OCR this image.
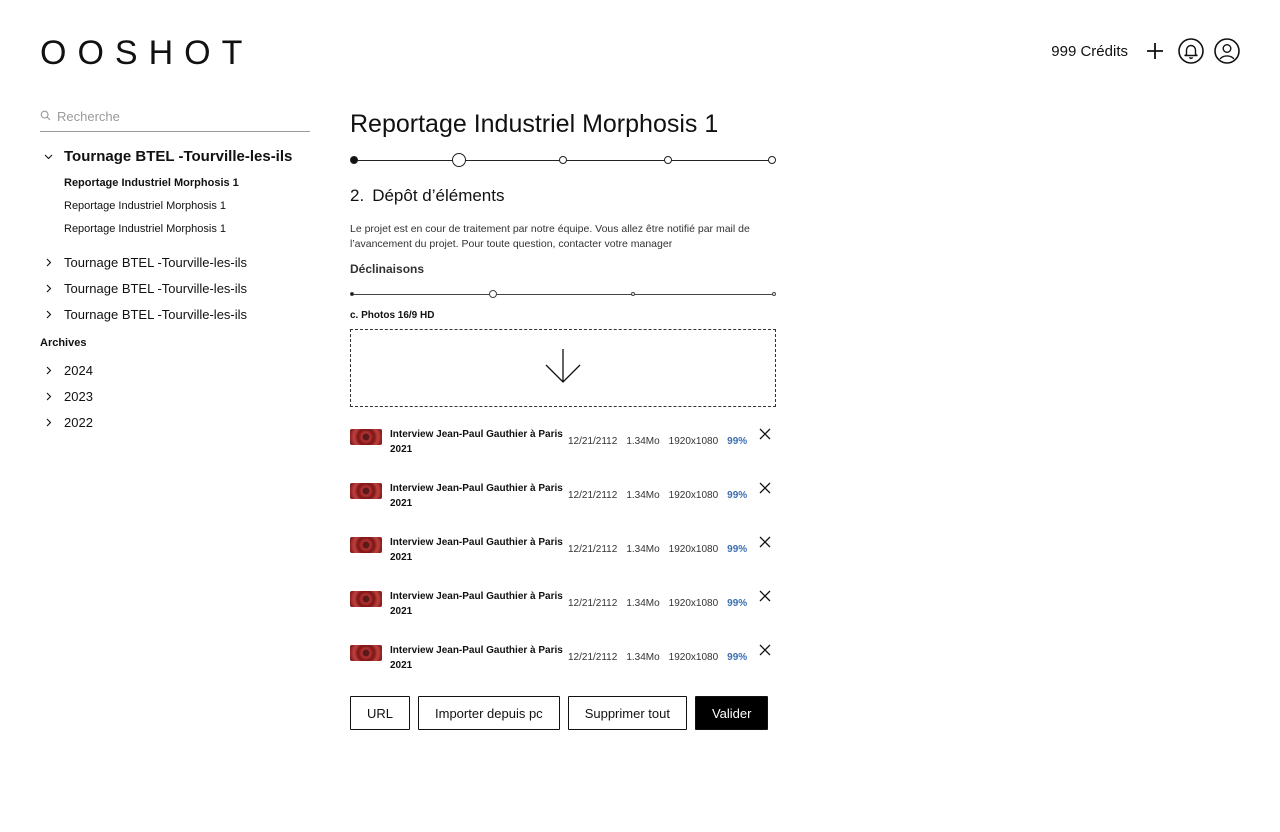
OOSHOT	999 Crédits
Recherche
Tournage BTEL -Tourville-les-ils
Reportage Industriel Morphosis 1
Reportage Industriel Morphosis 1
Reportage Industriel Morphosis 1
Tournage BTEL -Tourville-les-ils
Tournage BTEL -Tourville-les-ils
Tournage BTEL -Tourville-les-ils
Archives
2024
2023
2022
Reportage Industriel Morphosis 1
2. Dépôt d’éléments

Le projet est en cour de traitement par notre équipe. Vous allez être notifié par mail de l’avancement du projet. Pour toute question, contacter votre manager

Déclinaisons
c. Photos 16/9 HD
Interview Jean-Paul Gauthier à Paris 2021
12/21/2112 1.34Mo 1920x1080 99%
Interview Jean-Paul Gauthier à Paris 2021
12/21/2112 1.34Mo 1920x1080 99%
Interview Jean-Paul Gauthier à Paris 2021
12/21/2112 1.34Mo 1920x1080 99%
Interview Jean-Paul Gauthier à Paris 2021
12/21/2112 1.34Mo 1920x1080 99%
Interview Jean-Paul Gauthier à Paris 2021
12/21/2112 1.34Mo 1920x1080 99%
URL	Importer depuis pc	Supprimer tout	Valider
